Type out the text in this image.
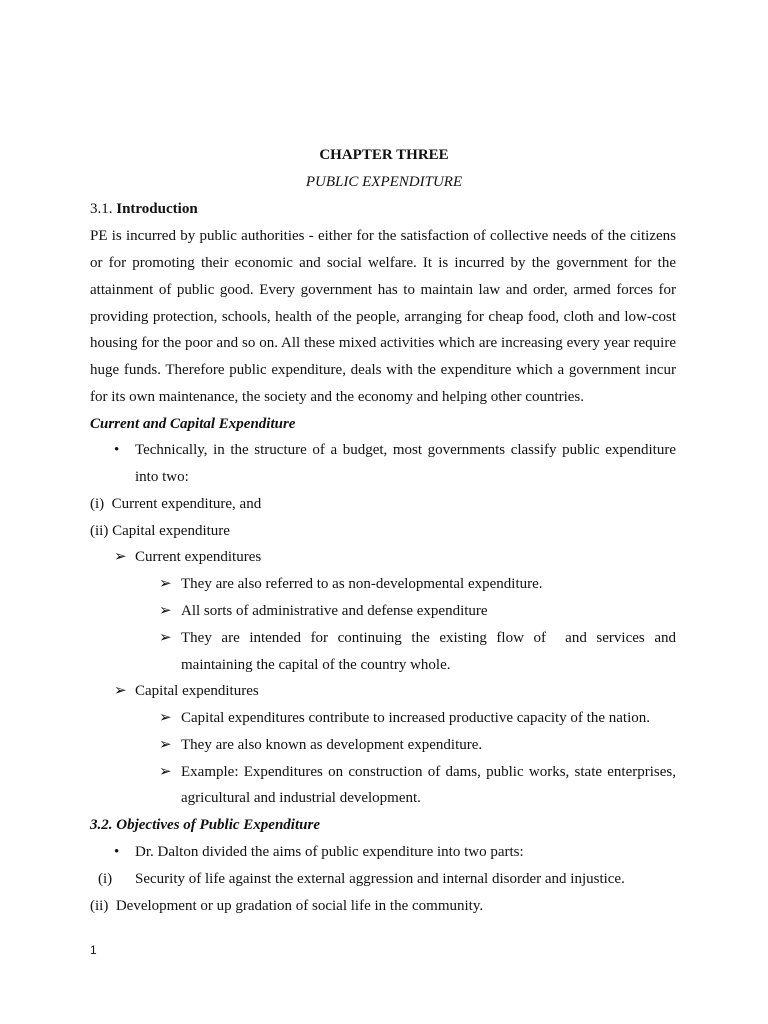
CHAPTER THREE
PUBLIC EXPENDITURE
3.1. Introduction
PE is incurred by public authorities - either for the satisfaction of collective needs of the citizens
or for promoting their economic and social welfare. It is incurred by the government for the
attainment of public good. Every government has to maintain law and order, armed forces for
providing protection, schools, health of the people, arranging for cheap food, cloth and low-cost
housing for the poor and so on. All these mixed activities which are increasing every year require
huge funds. Therefore public expenditure, deals with the expenditure which a government incur
for its own maintenance, the society and the economy and helping other countries.
Current and Capital Expenditure
• Technically, in the structure of a budget, most governments classify public expenditure
into two:
(i)  Current expenditure, and
(ii) Capital expenditure
➢ Current expenditures
➢ They are also referred to as non-developmental expenditure.
➢ All sorts of administrative and defense expenditure
➢ They are intended for continuing the existing flow of  and services and
maintaining the capital of the country whole.
➢ Capital expenditures
➢ Capital expenditures contribute to increased productive capacity of the nation.
➢ They are also known as development expenditure.
➢ Example: Expenditures on construction of dams, public works, state enterprises,
agricultural and industrial development.
3.2. Objectives of Public Expenditure
• Dr. Dalton divided the aims of public expenditure into two parts:
(i) Security of life against the external aggression and internal disorder and injustice.
(ii)  Development or up gradation of social life in the community.
1
